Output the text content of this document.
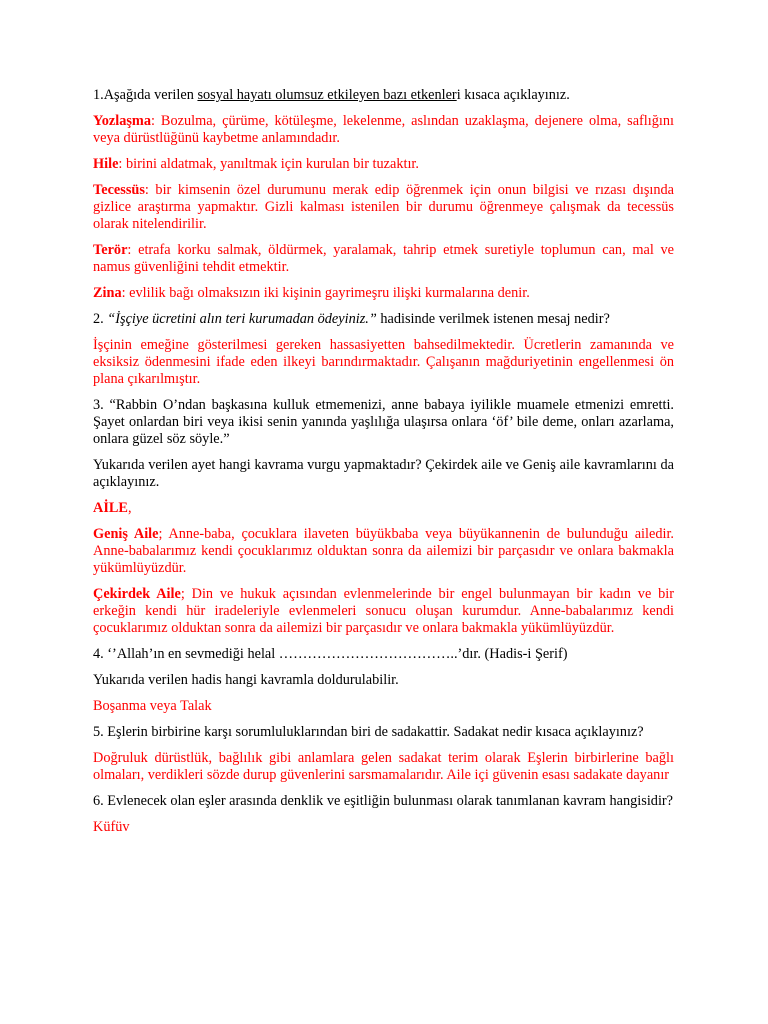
1.Aşağıda verilen sosyal hayatı olumsuz etkileyen bazı etkenleri kısaca açıklayınız.

Yozlaşma: Bozulma, çürüme, kötüleşme, lekelenme, aslından uzaklaşma, dejenere olma, saflığını veya dürüstlüğünü kaybetme anlamındadır.

Hile: birini aldatmak, yanıltmak için kurulan bir tuzaktır.

Tecessüs: bir kimsenin özel durumunu merak edip öğrenmek için onun bilgisi ve rızası dışında gizlice araştırma yapmaktır. Gizli kalması istenilen bir durumu öğrenmeye çalışmak da tecessüs olarak nitelendirilir.

Terör: etrafa korku salmak, öldürmek, yaralamak, tahrip etmek suretiyle toplumun can, mal ve namus güvenliğini tehdit etmektir.

Zina: evlilik bağı olmaksızın iki kişinin gayrimeşru ilişki kurmalarına denir.

2. “İşçiye ücretini alın teri kurumadan ödeyiniz.” hadisinde verilmek istenen mesaj nedir?

İşçinin emeğine gösterilmesi gereken hassasiyetten bahsedilmektedir. Ücretlerin zamanında ve eksiksiz ödenmesini ifade eden ilkeyi barındırmaktadır. Çalışanın mağduriyetinin engellenmesi ön plana çıkarılmıştır.

3. “Rabbin O’ndan başkasına kulluk etmemenizi, anne babaya iyilikle muamele etmenizi emretti. Şayet onlardan biri veya ikisi senin yanında yaşlılığa ulaşırsa onlara ‘öf’ bile deme, onları azarlama, onlara güzel söz söyle.”

Yukarıda verilen ayet hangi kavrama vurgu yapmaktadır? Çekirdek aile ve Geniş aile kavramlarını da açıklayınız.

AİLE,

Geniş Aile; Anne-baba, çocuklara ilaveten büyükbaba veya büyükannenin de bulunduğu ailedir. Anne-babalarımız kendi çocuklarımız olduktan sonra da ailemizi bir parçasıdır ve onlara bakmakla yükümlüyüzdür.

Çekirdek Aile; Din ve hukuk açısından evlenmelerinde bir engel bulunmayan bir kadın ve bir erkeğin kendi hür iradeleriyle evlenmeleri sonucu oluşan kurumdur. Anne-babalarımız kendi çocuklarımız olduktan sonra da ailemizi bir parçasıdır ve onlara bakmakla yükümlüyüzdür.

4. ‘’Allah’ın en sevmediği helal ………………………………..’dır. (Hadis-i Şerif)

Yukarıda verilen hadis hangi kavramla doldurulabilir.

Boşanma veya Talak

5. Eşlerin birbirine karşı sorumluluklarından biri de sadakattir. Sadakat nedir kısaca açıklayınız?

Doğruluk dürüstlük, bağlılık gibi anlamlara gelen sadakat terim olarak Eşlerin birbirlerine bağlı olmaları, verdikleri sözde durup güvenlerini sarsmamalarıdır. Aile içi güvenin esası sadakate dayanır

6. Evlenecek olan eşler arasında denklik ve eşitliğin bulunması olarak tanımlanan kavram hangisidir?

Küfüv
